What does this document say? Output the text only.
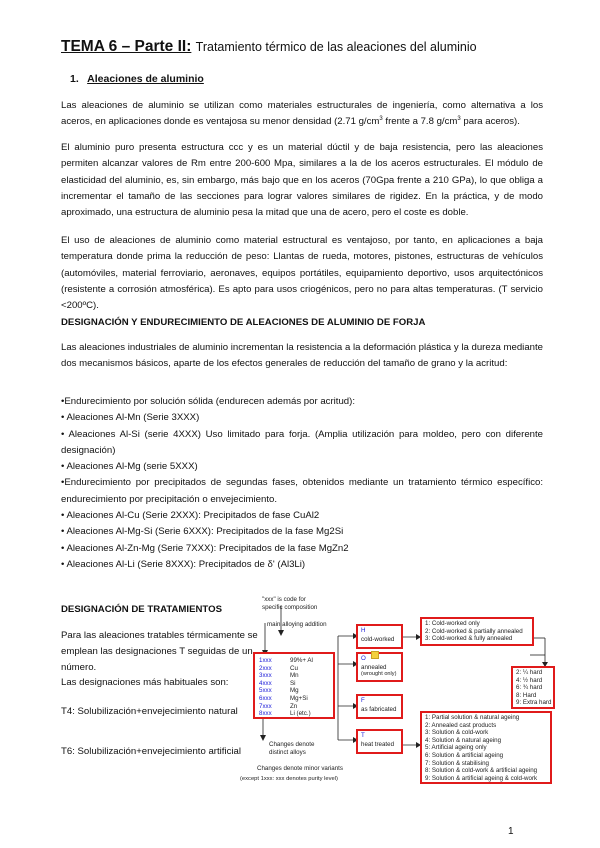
TEMA 6 – Parte II: Tratamiento térmico de las aleaciones del aluminio
1. Aleaciones de aluminio
Las aleaciones de aluminio se utilizan como materiales estructurales de ingeniería, como alternativa a los aceros, en aplicaciones donde es ventajosa su menor densidad (2.71 $g/cm^3$ frente a 7.8 $g/cm^3$ para aceros).
El aluminio puro presenta estructura ccc y es un material dúctil y de baja resistencia, pero las aleaciones permiten alcanzar valores de Rm entre 200-600 Mpa, similares a la de los aceros estructurales. El módulo de elasticidad del aluminio, es, sin embargo, más bajo que en los aceros (70Gpa frente a 210 GPa), lo que obliga a incrementar el tamaño de las secciones para lograr valores similares de rigidez. En la práctica, y de modo aproximado, una estructura de aluminio pesa la mitad que una de acero, pero el coste es doble.
El uso de aleaciones de aluminio como material estructural es ventajoso, por tanto, en aplicaciones a baja temperatura donde prima la reducción de peso: Llantas de rueda, motores, pistones, estructuras de vehículos (automóviles, material ferroviario, aeronaves, equipos portátiles, equipamiento deportivo, usos arquitectónicos (resistente a corrosión atmosférica). Es apto para usos criogénicos, pero no para altas temperaturas. (T servicio <200ºC).
DESIGNACIÓN Y ENDURECIMIENTO DE ALEACIONES DE ALUMINIO DE FORJA
Las aleaciones industriales de aluminio incrementan la resistencia a la deformación plástica y la dureza mediante dos mecanismos básicos, aparte de los efectos generales de reducción del tamaño de grano y la acritud:
•Endurecimiento por solución sólida (endurecen además por acritud):
• Aleaciones Al-Mn (Serie 3XXX)
• Aleaciones Al-Si (serie 4XXX) Uso limitado para forja. (Amplia utilización para moldeo, pero con diferente designación)
• Aleaciones Al-Mg (serie 5XXX)
•Endurecimiento por precipitados de segundas fases, obtenidos mediante un tratamiento térmico específico: endurecimiento por precipitación o envejecimiento.
• Aleaciones Al-Cu (Serie 2XXX): Precipitados de fase CuAl2
• Aleaciones Al-Mg-Si (Serie 6XXX): Precipitados de la fase Mg2Si
• Aleaciones Al-Zn-Mg (Serie 7XXX): Precipitados de la fase MgZn2
• Aleaciones Al-Li (Serie 8XXX): Precipitados de δ' (Al3Li)
DESIGNACIÓN DE TRATAMIENTOS
Para las aleaciones tratables térmicamente se emplean las designaciones T seguidas de un número.
Las designaciones más habituales son:
T4: Solubilización+envejecimiento natural
T6: Solubilización+envejecimiento artificial
"xxx" is code for
specific composition
main alloying addition
1xxx
2xxx
3xxx
4xxx
5xxx
6xxx
7xxx
8xxx
99%+ Al
Cu
Mn
Si
Mg
Mg+Si
Zn
Li (etc.)
Changes denote
distinct alloys
Changes denote minor variants
(except 1xxx: xxx denotes purity level)
H
cold-worked
O
annealed
(wrought only)
F
as fabricated
T
heat treated
1: Cold-worked only
2: Cold-worked & partially annealed
3: Cold-worked & fully annealed
2: ¼ hard
4: ½ hard
6: ¾ hard
8: Hard
9: Extra hard
1: Partial solution & natural ageing
2: Annealed cast products
3: Solution & cold-work
4: Solution & natural ageing
5: Artificial ageing only
6: Solution & artificial ageing
7: Solution & stabilising
8: Solution & cold-work & artificial ageing
9: Solution & artificial ageing & cold-work
1
